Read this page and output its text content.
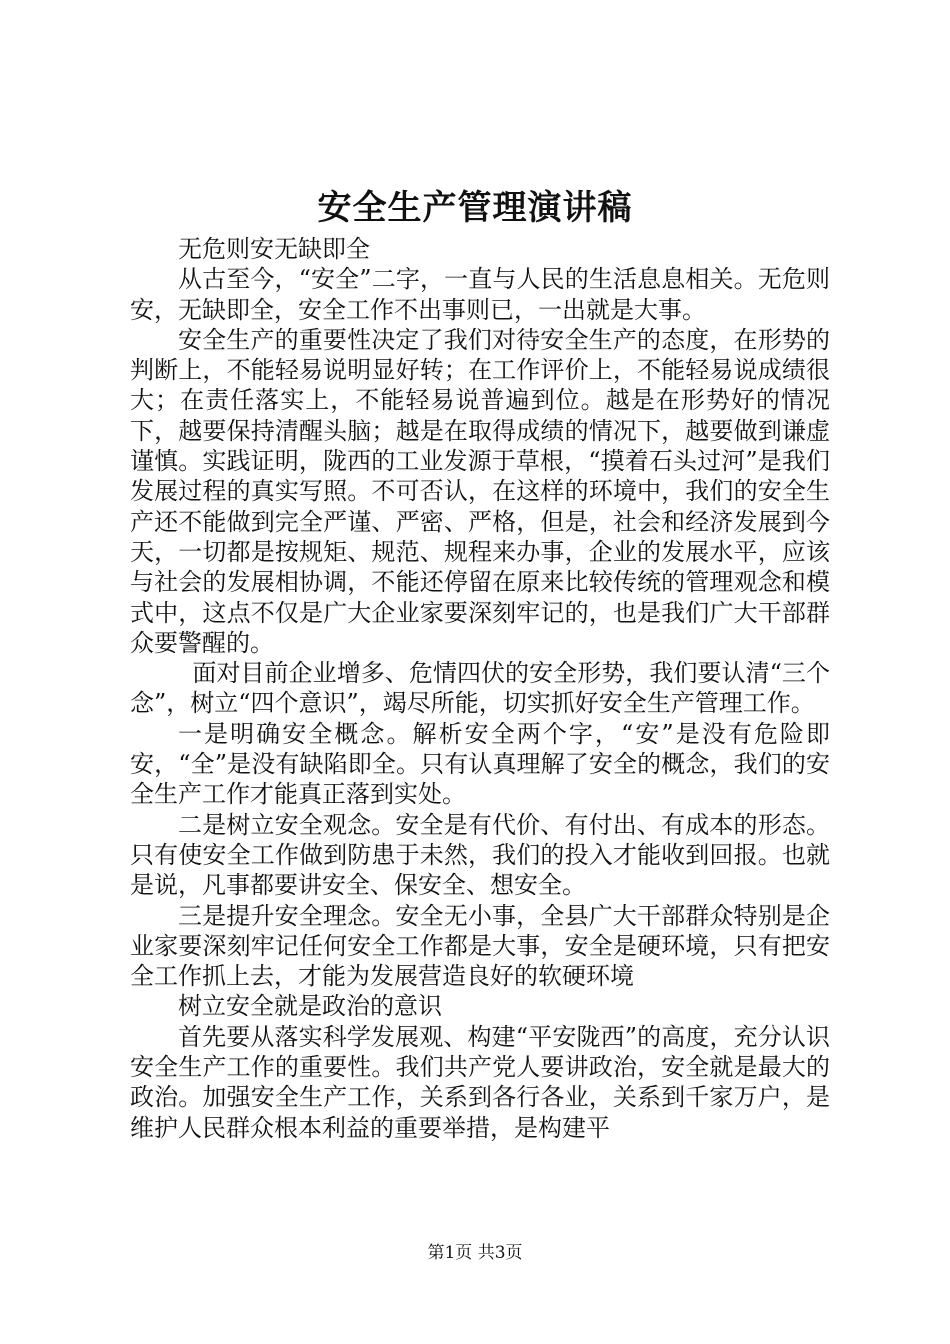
安全生产管理演讲稿

无危则安无缺即全

从古至今，“安全”二字，一直与人民的生活息息相关。无危则安，无缺即全，安全工作不出事则已，一出就是大事。

安全生产的重要性决定了我们对待安全生产的态度，在形势的判断上，不能轻易说明显好转；在工作评价上，不能轻易说成绩很大；在责任落实上，不能轻易说普遍到位。越是在形势好的情况下，越要保持清醒头脑；越是在取得成绩的情况下，越要做到谦虚谨慎。实践证明，陇西的工业发源于草根，“摸着石头过河”是我们发展过程的真实写照。不可否认，在这样的环境中，我们的安全生产还不能做到完全严谨、严密、严格，但是，社会和经济发展到今天，一切都是按规矩、规范、规程来办事，企业的发展水平，应该与社会的发展相协调，不能还停留在原来比较传统的管理观念和模式中，这点不仅是广大企业家要深刻牢记的，也是我们广大干部群众要警醒的。

面对目前企业增多、危情四伏的安全形势，我们要认清“三个念”，树立“四个意识”，竭尽所能，切实抓好安全生产管理工作。

一是明确安全概念。解析安全两个字，“安”是没有危险即安，“全”是没有缺陷即全。只有认真理解了安全的概念，我们的安全生产工作才能真正落到实处。

二是树立安全观念。安全是有代价、有付出、有成本的形态。只有使安全工作做到防患于未然，我们的投入才能收到回报。也就是说，凡事都要讲安全、保安全、想安全。

三是提升安全理念。安全无小事，全县广大干部群众特别是企业家要深刻牢记任何安全工作都是大事，安全是硬环境，只有把安全工作抓上去，才能为发展营造良好的软硬环境

树立安全就是政治的意识

首先要从落实科学发展观、构建“平安陇西”的高度，充分认识安全生产工作的重要性。我们共产党人要讲政治，安全就是最大的政治。加强安全生产工作，关系到各行各业，关系到千家万户，是维护人民群众根本利益的重要举措，是构建平

第1页 共3页
